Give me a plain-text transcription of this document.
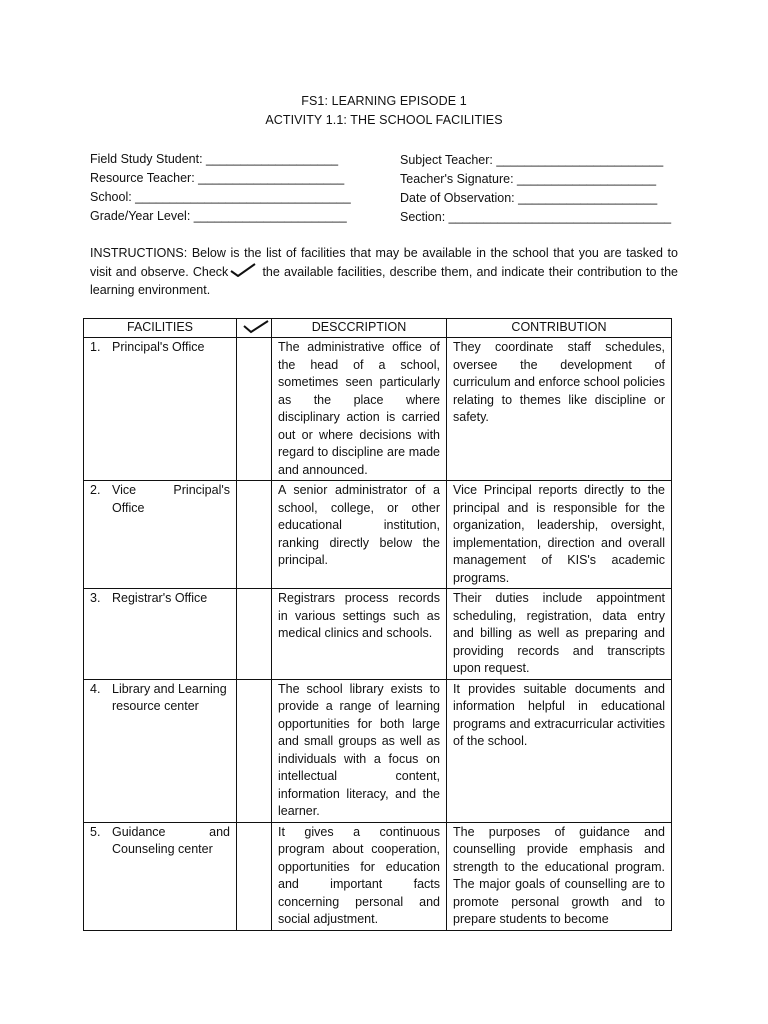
FS1: LEARNING EPISODE 1
ACTIVITY 1.1: THE SCHOOL FACILITIES
Field Study Student: ___________________
Resource Teacher: _____________________
School: _______________________________
Grade/Year Level: ______________________
Subject Teacher: ________________________
Teacher's Signature: ____________________
Date of Observation: ____________________
Section: ________________________________
INSTRUCTIONS: Below is the list of facilities that may be available in the school that you are tasked to visit and observe. Check the available facilities, describe them, and indicate their contribution to the learning environment.
FACILITIES		DESCCRIPTION	CONTRIBUTION

1. Principal's Office		The administrative office of the head of a school, sometimes seen particularly as the place where disciplinary action is carried out or where decisions with regard to discipline are made and announced.	They coordinate staff schedules, oversee the development of curriculum and enforce school policies relating to themes like discipline or safety.

2. Vice Principal's Office		A senior administrator of a school, college, or other educational institution, ranking directly below the principal.	Vice Principal reports directly to the principal and is responsible for the organization, leadership, oversight, implementation, direction and overall management of KIS's academic programs.

3. Registrar's Office		Registrars process records in various settings such as medical clinics and schools.	Their duties include appointment scheduling, registration, data entry and billing as well as preparing and providing records and transcripts upon request.

4. Library and Learning resource center		The school library exists to provide a range of learning opportunities for both large and small groups as well as individuals with a focus on intellectual content, information literacy, and the learner.	It provides suitable documents and information helpful in educational programs and extracurricular activities of the school.

5. Guidance and Counseling center		It gives a continuous program about cooperation, opportunities for education and important facts concerning personal and social adjustment.	The purposes of guidance and counselling provide emphasis and strength to the educational program. The major goals of counselling are to promote personal growth and to prepare students to become
